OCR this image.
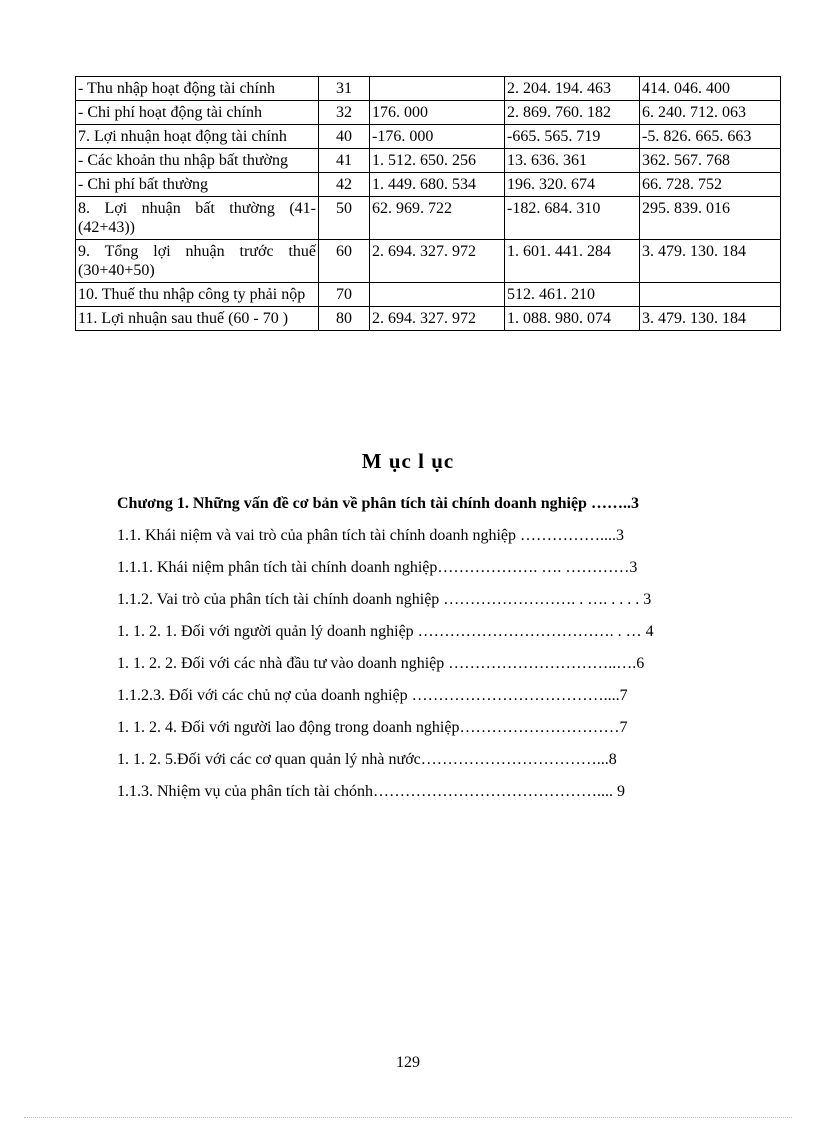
- Thu nhập hoạt động tài chính	31		2. 204. 194. 463	414. 046. 400
- Chi phí hoạt động tài chính	32	176. 000	2. 869. 760. 182	6. 240. 712. 063
7. Lợi nhuận hoạt động tài chính	40	-176. 000	-665. 565. 719	-5. 826. 665. 663
- Các khoản thu nhập bất thường	41	1. 512. 650. 256	13. 636. 361	362. 567. 768
- Chi phí bất thường	42	1. 449. 680. 534	196. 320. 674	66. 728. 752
8. Lợi nhuận bất thường (41-(42+43))	50	62. 969. 722	-182. 684. 310	295. 839. 016
9. Tổng lợi nhuận trước thuế (30+40+50)	60	2. 694. 327. 972	1. 601. 441. 284	3. 479. 130. 184
10. Thuế thu nhập công ty phải nộp	70		512. 461. 210	
11. Lợi nhuận sau thuế (60 - 70 )	80	2. 694. 327. 972	1. 088. 980. 074	3. 479. 130. 184
M ục l ục

Chương 1. Những vấn đề cơ bản về phân tích tài chính doanh nghiệp ……..3

1.1. Khái niệm và vai trò của phân tích tài chính doanh nghiệp ……………....3

1.1.1. Khái niệm phân tích tài chính doanh nghiệp………………. …. …………3

1.1.2. Vai trò của phân tích tài chính doanh nghiệp ……………………. . …. . . . . 3

1. 1. 2. 1. Đối với người quản lý doanh nghiệp ………………………………. . … 4

1. 1. 2. 2. Đối với các nhà đầu tư vào doanh nghiệp …………………………..….6

1.1.2.3. Đối với các chủ nợ của doanh nghiệp ………………………………....7

1. 1. 2. 4. Đối với người lao động trong doanh nghiệp…………………………7

1. 1. 2. 5.Đối với các cơ quan quản lý nhà nước……………………………...8

1.1.3. Nhiệm vụ của phân tích tài chónh…………………………………….... 9

129
